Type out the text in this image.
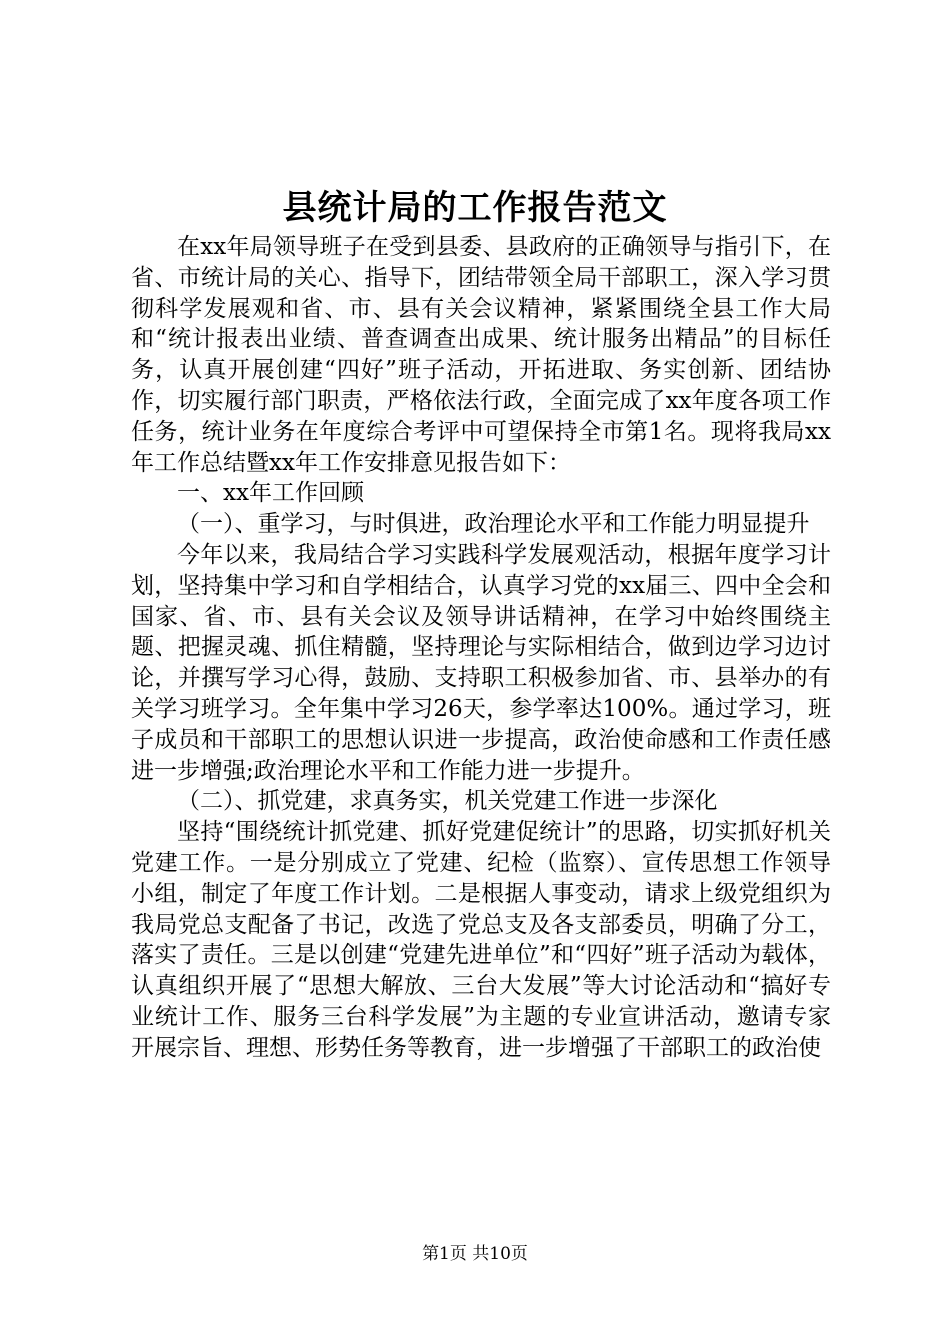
县统计局的工作报告范文

在xx年局领导班子在受到县委、县政府的正确领导与指引下，在省、市统计局的关心、指导下，团结带领全局干部职工，深入学习贯彻科学发展观和省、市、县有关会议精神，紧紧围绕全县工作大局和“统计报表出业绩、普查调查出成果、统计服务出精品”的目标任务，认真开展创建“四好”班子活动，开拓进取、务实创新、团结协作，切实履行部门职责，严格依法行政，全面完成了xx年度各项工作任务，统计业务在年度综合考评中可望保持全市第1名。现将我局xx年工作总结暨xx年工作安排意见报告如下：

一、xx年工作回顾

（一）、重学习，与时俱进，政治理论水平和工作能力明显提升

今年以来，我局结合学习实践科学发展观活动，根据年度学习计划，坚持集中学习和自学相结合，认真学习党的xx届三、四中全会和国家、省、市、县有关会议及领导讲话精神，在学习中始终围绕主题、把握灵魂、抓住精髓，坚持理论与实际相结合，做到边学习边讨论，并撰写学习心得，鼓励、支持职工积极参加省、市、县举办的有关学习班学习。全年集中学习26天，参学率达100%。通过学习，班子成员和干部职工的思想认识进一步提高，政治使命感和工作责任感进一步增强;政治理论水平和工作能力进一步提升。

（二）、抓党建，求真务实，机关党建工作进一步深化

坚持“围绕统计抓党建、抓好党建促统计”的思路，切实抓好机关党建工作。一是分别成立了党建、纪检（监察）、宣传思想工作领导小组，制定了年度工作计划。二是根据人事变动，请求上级党组织为我局党总支配备了书记，改选了党总支及各支部委员，明确了分工，落实了责任。三是以创建“党建先进单位”和“四好”班子活动为载体，认真组织开展了“思想大解放、三台大发展”等大讨论活动和“搞好专业统计工作、服务三台科学发展”为主题的专业宣讲活动，邀请专家开展宗旨、理想、形势任务等教育，进一步增强了干部职工的政治使

第1页 共10页
